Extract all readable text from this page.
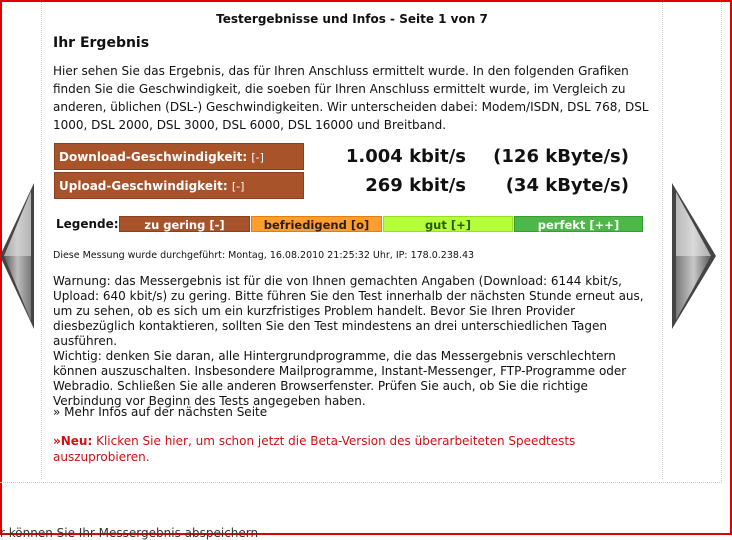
Testergebnisse und Infos - Seite 1 von 7
Ihr Ergebnis
Hier sehen Sie das Ergebnis, das für Ihren Anschluss ermittelt wurde. In den folgenden Grafiken finden Sie die Geschwindigkeit, die soeben für Ihren Anschluss ermittelt wurde, im Vergleich zu anderen, üblichen (DSL-) Geschwindigkeiten. Wir unterscheiden dabei: Modem/ISDN, DSL 768, DSL 1000, DSL 2000, DSL 3000, DSL 6000, DSL 16000 und Breitband.
Download-Geschwindigkeit: [-]	1.004 kbit/s	(126 kByte/s)
Upload-Geschwindigkeit: [-]	269 kbit/s	(34 kByte/s)
Legende:	zu gering [-]	befriedigend [o]	gut [+]	perfekt [++]
Diese Messung wurde durchgeführt: Montag, 16.08.2010 21:25:32 Uhr, IP: 178.0.238.43
Warnung: das Messergebnis ist für die von Ihnen gemachten Angaben (Download: 6144 kbit/s, Upload: 640 kbit/s) zu gering. Bitte führen Sie den Test innerhalb der nächsten Stunde erneut aus, um zu sehen, ob es sich um ein kurzfristiges Problem handelt. Bevor Sie Ihren Provider diesbezüglich kontaktieren, sollten Sie den Test mindestens an drei unterschiedlichen Tagen ausführen.
Wichtig: denken Sie daran, alle Hintergrundprogramme, die das Messergebnis verschlechtern können auszuschalten. Insbesondere Mailprogramme, Instant-Messenger, FTP-Programme oder Webradio. Schließen Sie alle anderen Browserfenster. Prüfen Sie auch, ob Sie die richtige Verbindung vor Beginn des Tests angegeben haben.
» Mehr Infos auf der nächsten Seite
»Neu: Klicken Sie hier, um schon jetzt die Beta-Version des überarbeiteten Speedtests auszuprobieren.
r können Sie Ihr Messergebnis abspeichern
